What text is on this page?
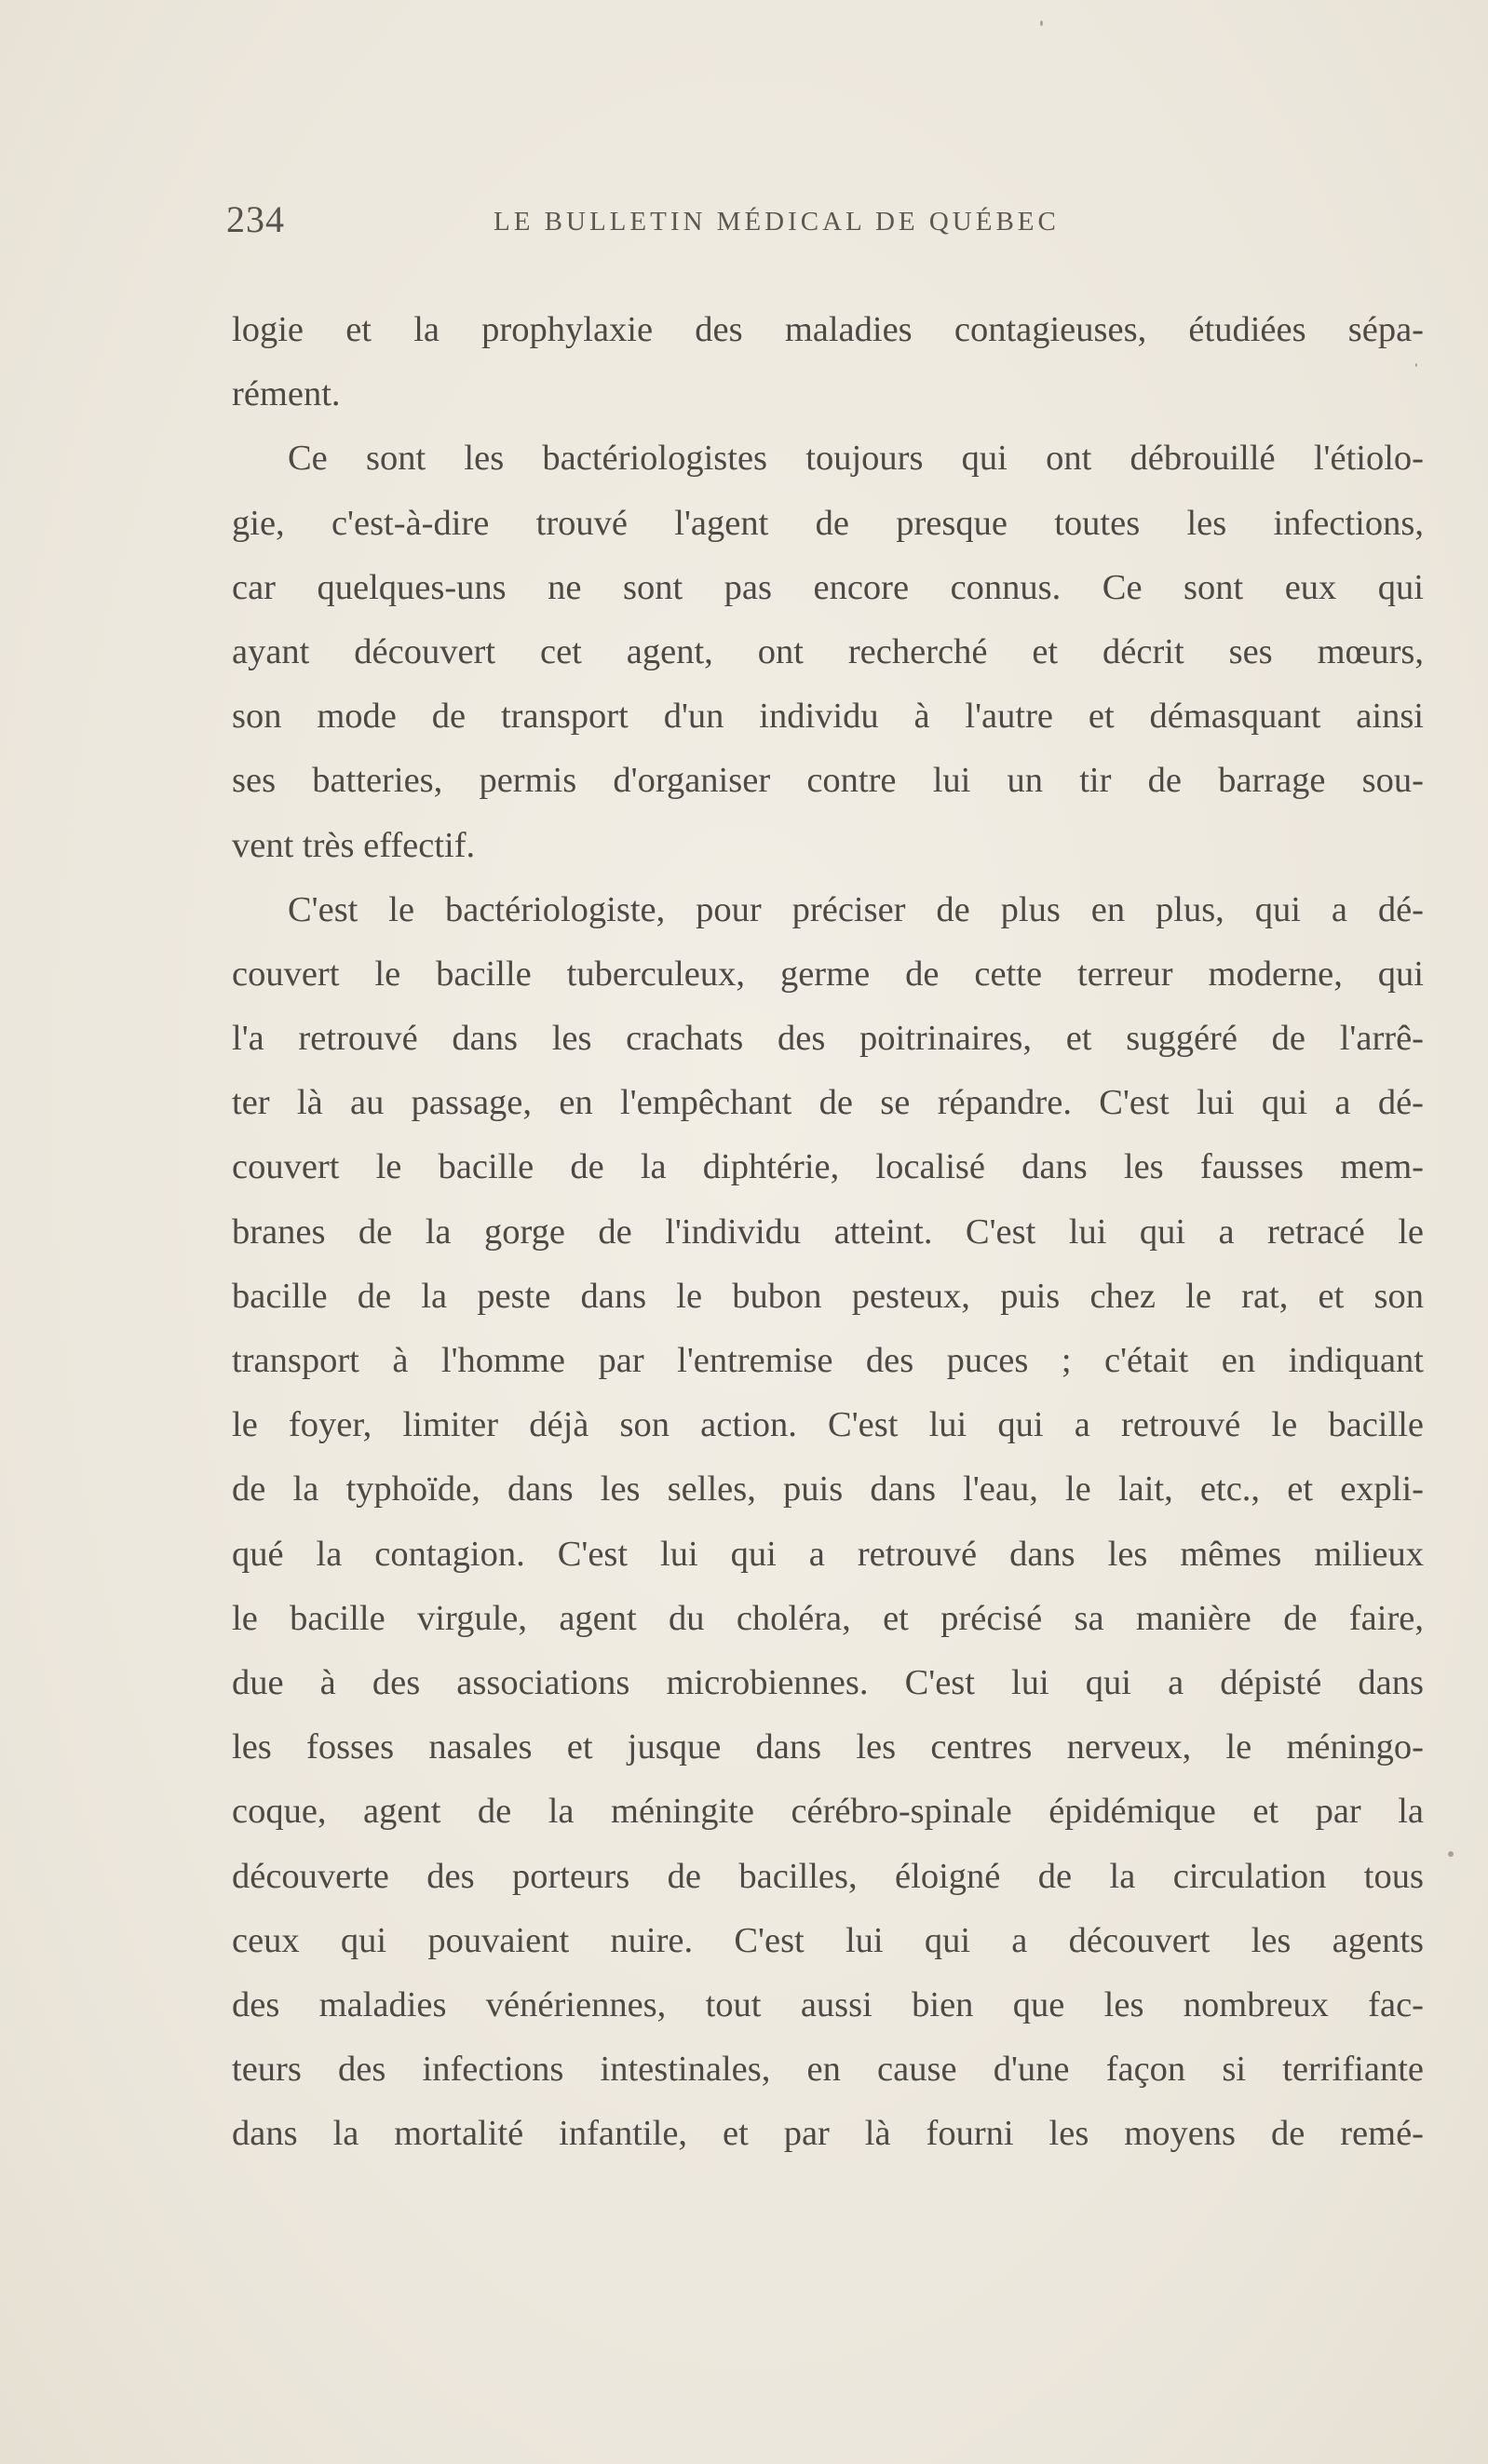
234	LE BULLETIN MÉDICAL DE QUÉBEC
logie et la prophylaxie des maladies contagieuses, étudiées sépa-
rément.
Ce sont les bactériologistes toujours qui ont débrouillé l'étiolo-
gie, c'est-à-dire trouvé l'agent de presque toutes les infections,
car quelques-uns ne sont pas encore connus. Ce sont eux qui
ayant découvert cet agent, ont recherché et décrit ses mœurs,
son mode de transport d'un individu à l'autre et démasquant ainsi
ses batteries, permis d'organiser contre lui un tir de barrage sou-
vent très effectif.
C'est le bactériologiste, pour préciser de plus en plus, qui a dé-
couvert le bacille tuberculeux, germe de cette terreur moderne, qui
l'a retrouvé dans les crachats des poitrinaires, et suggéré de l'arrê-
ter là au passage, en l'empêchant de se répandre. C'est lui qui a dé-
couvert le bacille de la diphtérie, localisé dans les fausses mem-
branes de la gorge de l'individu atteint. C'est lui qui a retracé le
bacille de la peste dans le bubon pesteux, puis chez le rat, et son
transport à l'homme par l'entremise des puces ; c'était en indiquant
le foyer, limiter déjà son action. C'est lui qui a retrouvé le bacille
de la typhoïde, dans les selles, puis dans l'eau, le lait, etc., et expli-
qué la contagion. C'est lui qui a retrouvé dans les mêmes milieux
le bacille virgule, agent du choléra, et précisé sa manière de faire,
due à des associations microbiennes. C'est lui qui a dépisté dans
les fosses nasales et jusque dans les centres nerveux, le méningo-
coque, agent de la méningite cérébro-spinale épidémique et par la
découverte des porteurs de bacilles, éloigné de la circulation tous
ceux qui pouvaient nuire. C'est lui qui a découvert les agents
des maladies vénériennes, tout aussi bien que les nombreux fac-
teurs des infections intestinales, en cause d'une façon si terrifiante
dans la mortalité infantile, et par là fourni les moyens de remé-
